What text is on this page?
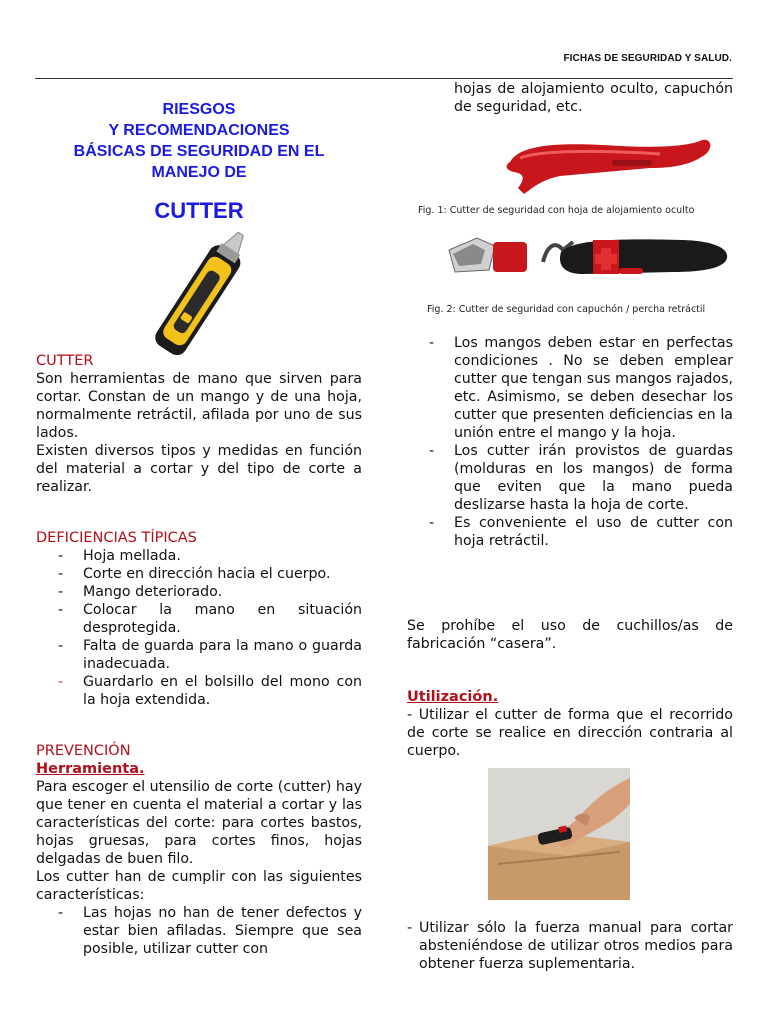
FICHAS DE SEGURIDAD Y SALUD.
RIESGOS
Y RECOMENDACIONES
BÁSICAS DE SEGURIDAD EN EL
MANEJO DE
CUTTER

CUTTER

Son herramientas de mano que sirven para cortar. Constan de un mango y de una hoja, normalmente retráctil, afilada por uno de sus lados.

Existen diversos tipos y medidas en función del material a cortar y del tipo de corte a realizar.

DEFICIENCIAS TÍPICAS

- Hoja mellada.
- Corte en dirección hacia el cuerpo.
- Mango deteriorado.
- Colocar la mano en situación desprotegida.
- Falta de guarda para la mano o guarda inadecuada.
- Guardarlo en el bolsillo del mono con la hoja extendida.

PREVENCIÓN

Herramienta.

Para escoger el utensilio de corte (cutter) hay que tener en cuenta el material a cortar y las características del corte: para cortes bastos, hojas gruesas, para cortes finos, hojas delgadas de buen filo.

Los cutter han de cumplir con las siguientes características:

- Las hojas no han de tener defectos y estar bien afiladas. Siempre que sea posible, utilizar cutter con
hojas de alojamiento oculto, capuchón de seguridad, etc.
Fig. 1: Cutter de seguridad con hoja de alojamiento oculto
Fig. 2: Cutter de seguridad con capuchón / percha retráctil
- Los mangos deben estar en perfectas condiciones . No se deben emplear cutter que tengan sus mangos rajados, etc. Asimismo, se deben desechar los cutter que presenten deficiencias en la unión entre el mango y la hoja.
- Los cutter irán provistos de guardas (molduras en los mangos) de forma que eviten que la mano pueda deslizarse hasta la hoja de corte.
- Es conveniente el uso de cutter con hoja retráctil.

Se prohíbe el uso de cuchillos/as de fabricación “casera”.

Utilización.

- Utilizar el cutter de forma que el recorrido de corte se realice en dirección contraria al cuerpo.

- Utilizar sólo la fuerza manual para cortar absteniéndose de utilizar otros medios para obtener fuerza suplementaria.
